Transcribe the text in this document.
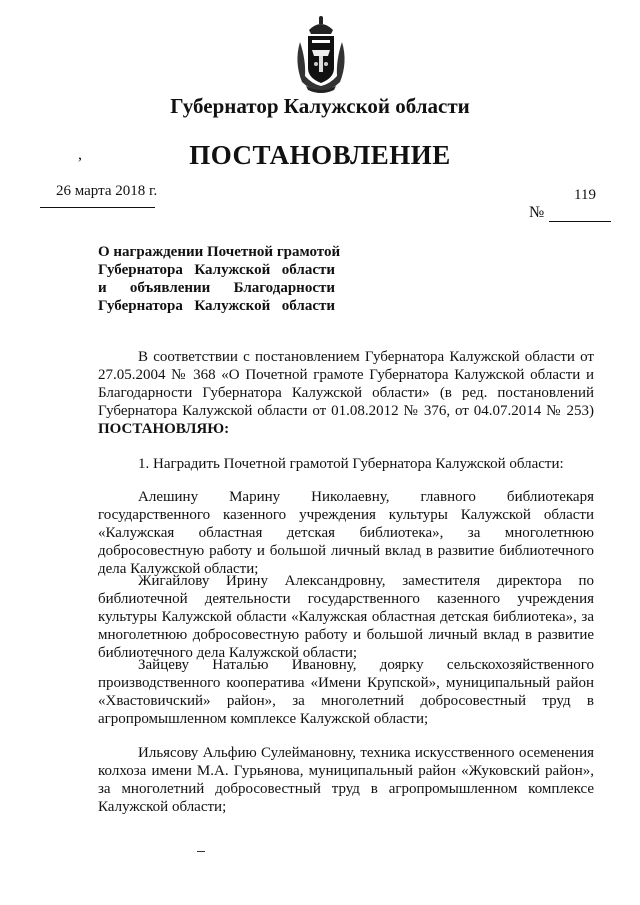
Губернатор Калужской области
ПОСТАНОВЛЕНИЕ
,
26 марта 2018 г.	119
№
О награждении Почетной грамотой
Губернатора Калужской области
и объявлении Благодарности
Губернатора Калужской области

В соответствии с постановлением Губернатора Калужской области от 27.05.2004 № 368 «О Почетной грамоте Губернатора Калужской области и Благодарности Губернатора Калужской области» (в ред. постановлений Губернатора Калужской области от 01.08.2012 № 376, от 04.07.2014 № 253) ПОСТАНОВЛЯЮ:

1. Наградить Почетной грамотой Губернатора Калужской области:

Алешину Марину Николаевну, главного библиотекаря государственного казенного учреждения культуры Калужской области «Калужская областная детская библиотека», за многолетнюю добросовестную работу и большой личный вклад в развитие библиотечного дела Калужской области;

Жигайлову Ирину Александровну, заместителя директора по библиотечной деятельности государственного казенного учреждения культуры Калужской области «Калужская областная детская библиотека», за многолетнюю добросовестную работу и большой личный вклад в развитие библиотечного дела Калужской области;

Зайцеву Наталью Ивановну, доярку сельскохозяйственного производственного кооператива «Имени Крупской», муниципальный район «Хвастовичский» район», за многолетний добросовестный труд в агропромышленном комплексе Калужской области;

Ильясову Альфию Сулеймановну, техника искусственного осеменения колхоза имени М.А. Гурьянова, муниципальный район «Жуковский район», за многолетний добросовестный труд в агропромышленном комплексе Калужской области;
